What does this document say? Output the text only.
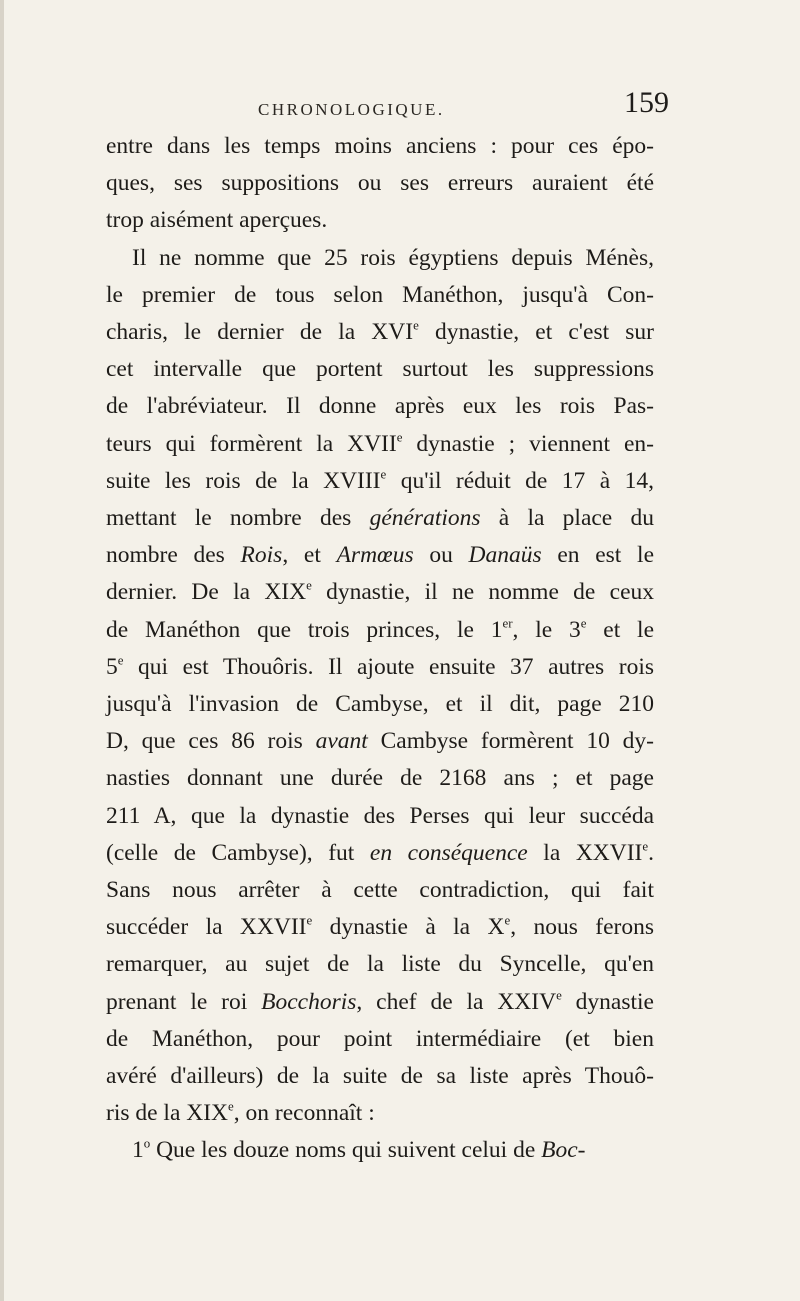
CHRONOLOGIQUE.	159
entre dans les temps moins anciens : pour ces épo-
ques, ses suppositions ou ses erreurs auraient été
trop aisément aperçues.
Il ne nomme que 25 rois égyptiens depuis Ménès,
le premier de tous selon Manéthon, jusqu'à Con-
charis, le dernier de la XVIe dynastie, et c'est sur
cet intervalle que portent surtout les suppressions
de l'abréviateur. Il donne après eux les rois Pas-
teurs qui formèrent la XVIIe dynastie ; viennent en-
suite les rois de la XVIIIe qu'il réduit de 17 à 14,
mettant le nombre des générations à la place du
nombre des Rois, et Armœus ou Danaüs en est le
dernier. De la XIXe dynastie, il ne nomme de ceux
de Manéthon que trois princes, le 1er, le 3e et le
5e qui est Thouôris. Il ajoute ensuite 37 autres rois
jusqu'à l'invasion de Cambyse, et il dit, page 210
D, que ces 86 rois avant Cambyse formèrent 10 dy-
nasties donnant une durée de 2168 ans ; et page
211 A, que la dynastie des Perses qui leur succéda
(celle de Cambyse), fut en conséquence la XXVIIe.
Sans nous arrêter à cette contradiction, qui fait
succéder la XXVIIe dynastie à la Xe, nous ferons
remarquer, au sujet de la liste du Syncelle, qu'en
prenant le roi Bocchoris, chef de la XXIVe dynastie
de Manéthon, pour point intermédiaire (et bien
avéré d'ailleurs) de la suite de sa liste après Thouô-
ris de la XIXe, on reconnaît :
1$^o$ Que les douze noms qui suivent celui de Boc-
